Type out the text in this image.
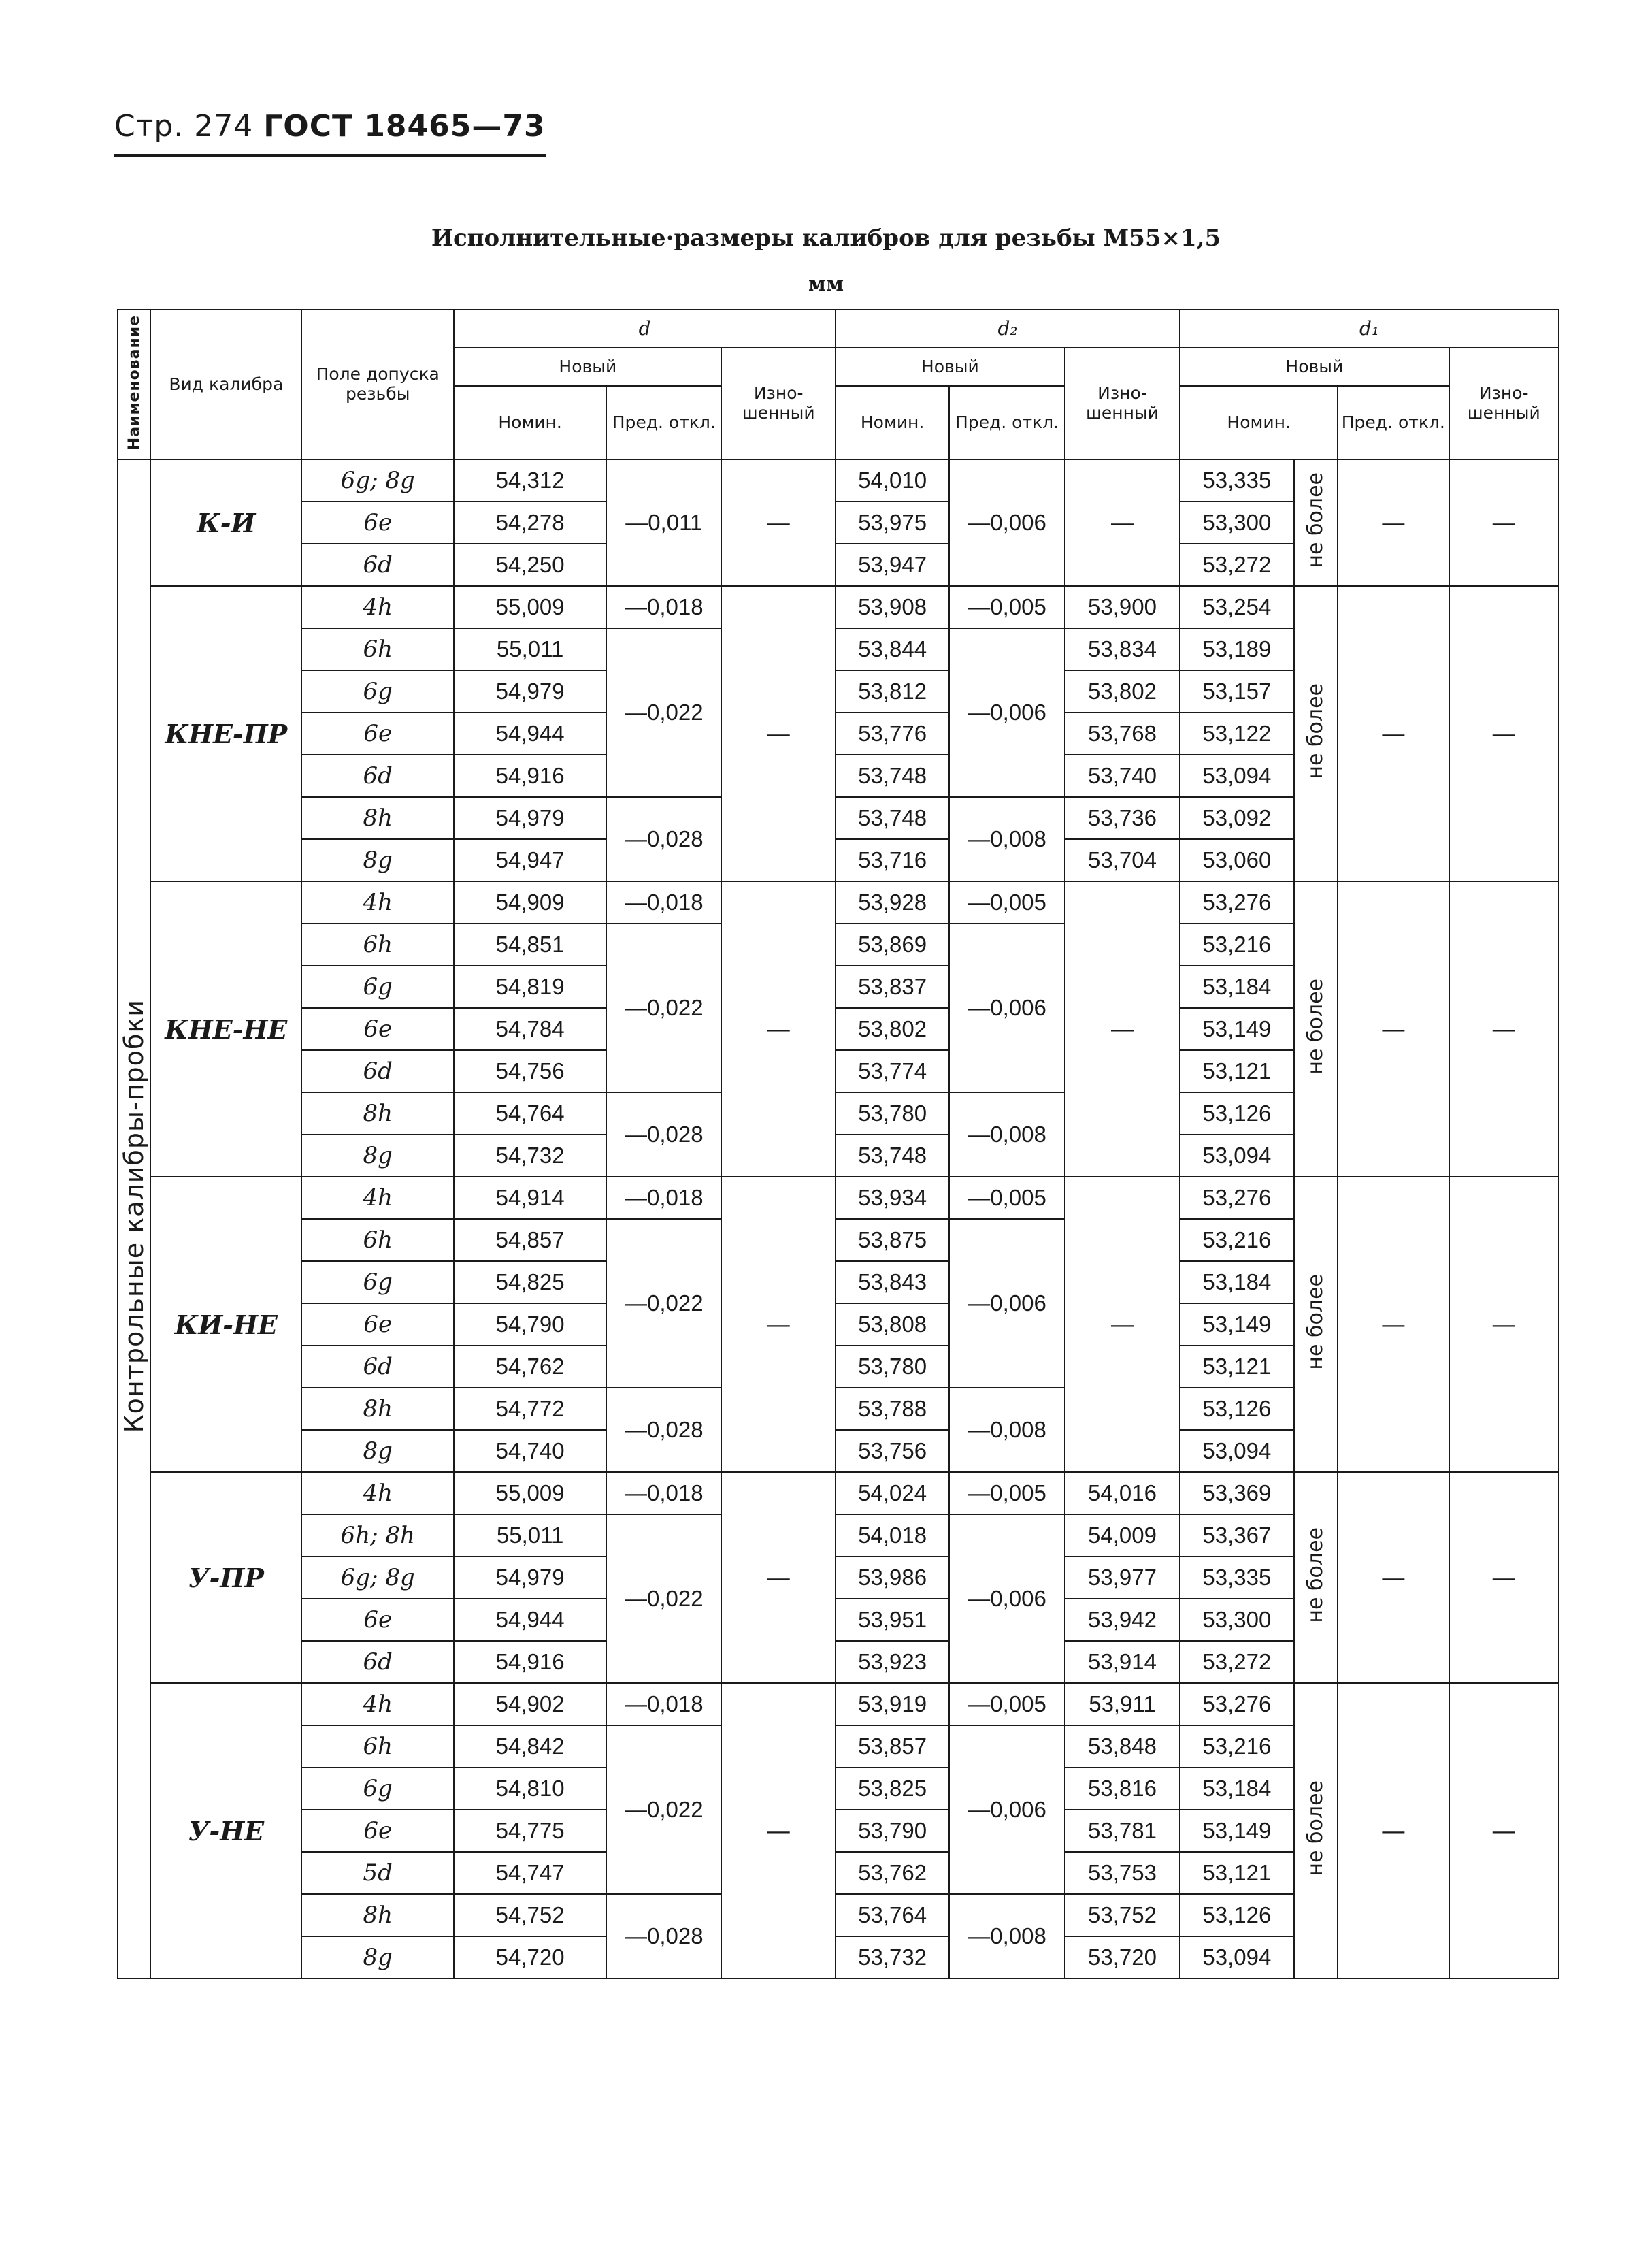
Стр. 274 ГОСТ 18465—73
Исполнительные·размеры калибров для резьбы М55×1,5
мм
Наименование	Вид калибра	Поле допуска резьбы	d			d₂			d₁			
			Новый		Изно-шенный	Новый		Изно-шенный	Новый			Изно-шенный
			Номин.	Пред. откл.		Номин.	Пред. откл.		Номин.		Пред. откл.	
Контрольные калибры-пробки	К-И	6g; 8g	54,312	—0,011	—	54,010	—0,006	—	53,335	не более	—	—
		6e	54,278			53,975			53,300			
		6d	54,250			53,947			53,272			
	КНЕ-ПР	4h	55,009	—0,018	—	53,908	—0,005	53,900	53,254	не более	—	—
		6h	55,011	—0,022		53,844	—0,006	53,834	53,189			
		6g	54,979			53,812		53,802	53,157			
		6e	54,944			53,776		53,768	53,122			
		6d	54,916			53,748		53,740	53,094			
		8h	54,979	—0,028		53,748	—0,008	53,736	53,092			
		8g	54,947			53,716		53,704	53,060			
	КНЕ-НЕ	4h	54,909	—0,018	—	53,928	—0,005	—	53,276	не более	—	—
		6h	54,851	—0,022		53,869	—0,006		53,216			
		6g	54,819			53,837			53,184			
		6e	54,784			53,802			53,149			
		6d	54,756			53,774			53,121			
		8h	54,764	—0,028		53,780	—0,008		53,126			
		8g	54,732			53,748			53,094			
	КИ-НЕ	4h	54,914	—0,018	—	53,934	—0,005	—	53,276	не более	—	—
		6h	54,857	—0,022		53,875	—0,006		53,216			
		6g	54,825			53,843			53,184			
		6e	54,790			53,808			53,149			
		6d	54,762			53,780			53,121			
		8h	54,772	—0,028		53,788	—0,008		53,126			
		8g	54,740			53,756			53,094			
	У-ПР	4h	55,009	—0,018	—	54,024	—0,005	54,016	53,369	не более	—	—
		6h; 8h	55,011	—0,022		54,018	—0,006	54,009	53,367			
		6g; 8g	54,979			53,986		53,977	53,335			
		6e	54,944			53,951		53,942	53,300			
		6d	54,916			53,923		53,914	53,272			
	У-НЕ	4h	54,902	—0,018	—	53,919	—0,005	53,911	53,276	не более	—	—
		6h	54,842	—0,022		53,857	—0,006	53,848	53,216			
		6g	54,810			53,825		53,816	53,184			
		6e	54,775			53,790		53,781	53,149			
		5d	54,747			53,762		53,753	53,121			
		8h	54,752	—0,028		53,764	—0,008	53,752	53,126			
		8g	54,720			53,732		53,720	53,094			
